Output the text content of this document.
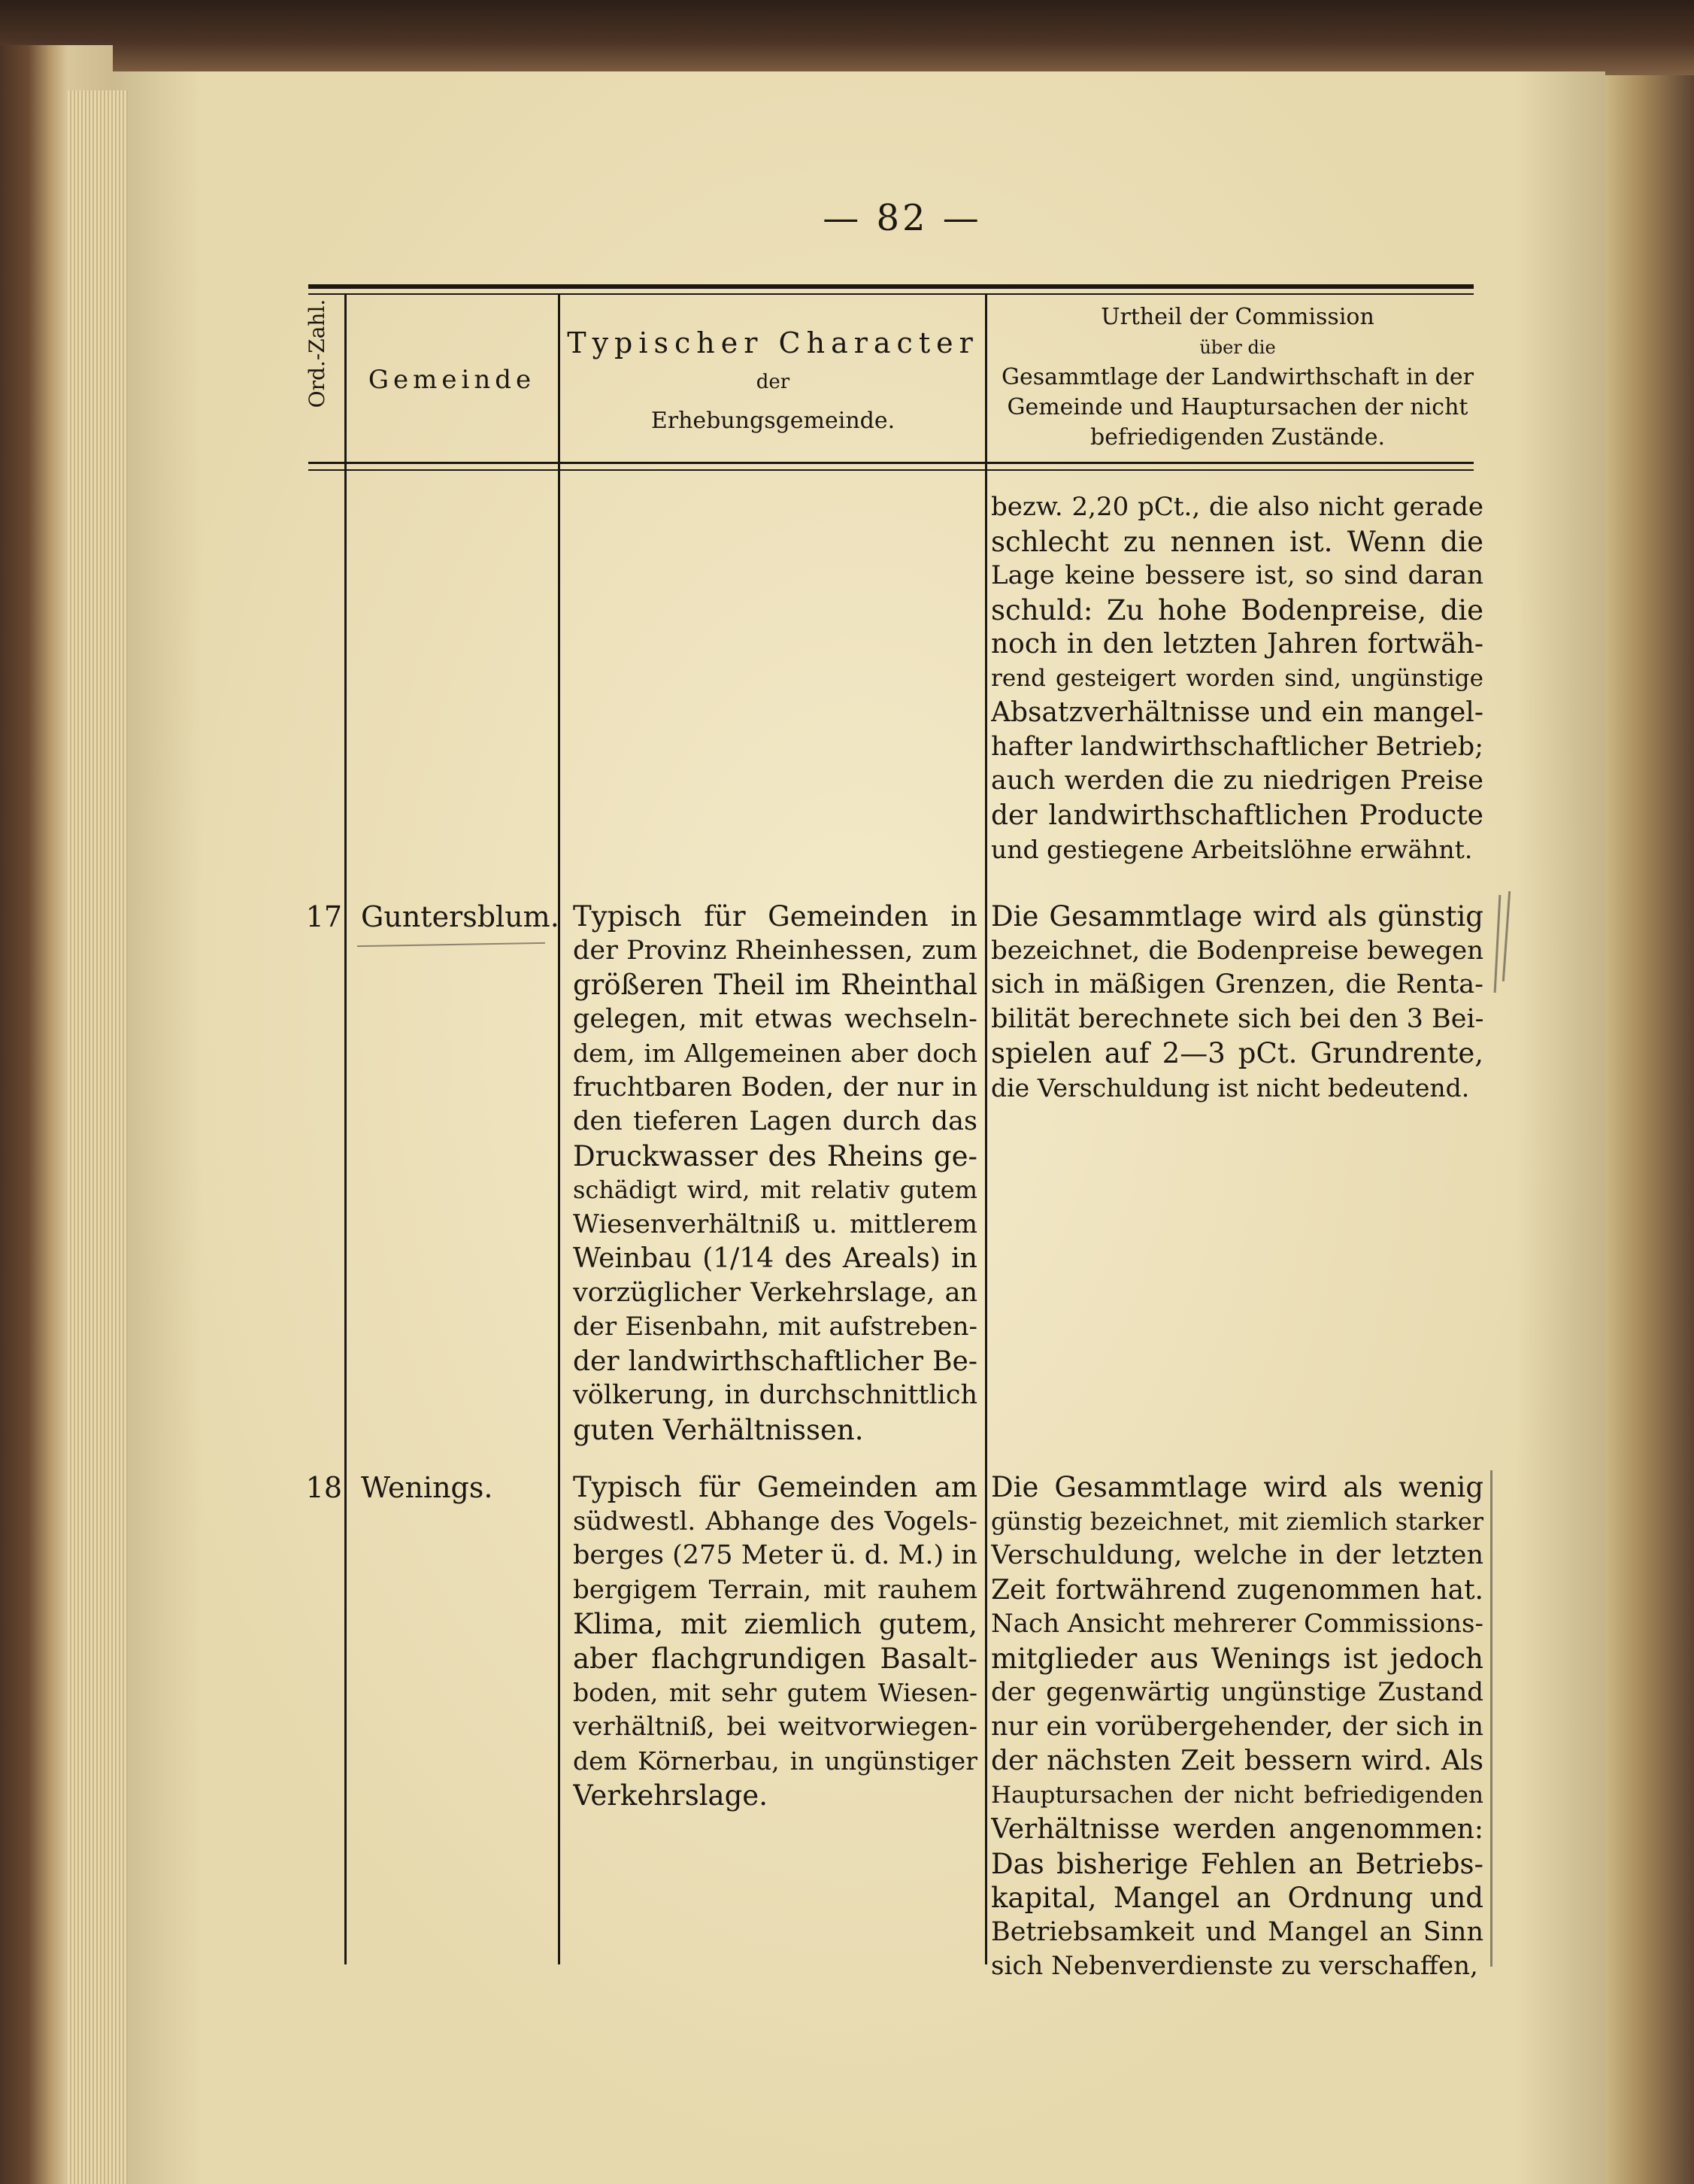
— 82 —
Ord.-Zahl.	Gemeinde
Typischer Character
der
Erhebungsgemeinde.
Urtheil der Commission
über die
Gesammtlage der Landwirthschaft in der
Gemeinde und Hauptursachen der nicht
befriedigenden Zustände.
bezw. 2,20 pCt., die also nicht gerade
schlecht zu nennen ist. Wenn die
Lage keine bessere ist, so sind daran
schuld: Zu hohe Bodenpreise, die
noch in den letzten Jahren fortwäh-
rend gesteigert worden sind, ungünstige
Absatzverhältnisse und ein mangel-
hafter landwirthschaftlicher Betrieb;
auch werden die zu niedrigen Preise
der landwirthschaftlichen Producte
und gestiegene Arbeitslöhne erwähnt.
17 Guntersblum. Typisch für Gemeinden in
der Provinz Rheinhessen, zum
größeren Theil im Rheinthal
gelegen, mit etwas wechseln-
dem, im Allgemeinen aber doch
fruchtbaren Boden, der nur in
den tieferen Lagen durch das
Druckwasser des Rheins ge-
schädigt wird, mit relativ gutem
Wiesenverhältniß u. mittlerem
Weinbau (1/14 des Areals) in
vorzüglicher Verkehrslage, an
der Eisenbahn, mit aufstreben-
der landwirthschaftlicher Be-
völkerung, in durchschnittlich
guten Verhältnissen.
Die Gesammtlage wird als günstig
bezeichnet, die Bodenpreise bewegen
sich in mäßigen Grenzen, die Renta-
bilität berechnete sich bei den 3 Bei-
spielen auf 2—3 pCt. Grundrente,
die Verschuldung ist nicht bedeutend.
18 Wenings.	Typisch für Gemeinden am
südwestl. Abhange des Vogels-
berges (275 Meter ü. d. M.) in
bergigem Terrain, mit rauhem
Klima, mit ziemlich gutem,
aber flachgrundigen Basalt-
boden, mit sehr gutem Wiesen-
verhältniß, bei weitvorwiegen-
dem Körnerbau, in ungünstiger
Verkehrslage.
Die Gesammtlage wird als wenig
günstig bezeichnet, mit ziemlich starker
Verschuldung, welche in der letzten
Zeit fortwährend zugenommen hat.
Nach Ansicht mehrerer Commissions-
mitglieder aus Wenings ist jedoch
der gegenwärtig ungünstige Zustand
nur ein vorübergehender, der sich in
der nächsten Zeit bessern wird. Als
Hauptursachen der nicht befriedigenden
Verhältnisse werden angenommen:
Das bisherige Fehlen an Betriebs-
kapital, Mangel an Ordnung und
Betriebsamkeit und Mangel an Sinn
sich Nebenverdienste zu verschaffen,
